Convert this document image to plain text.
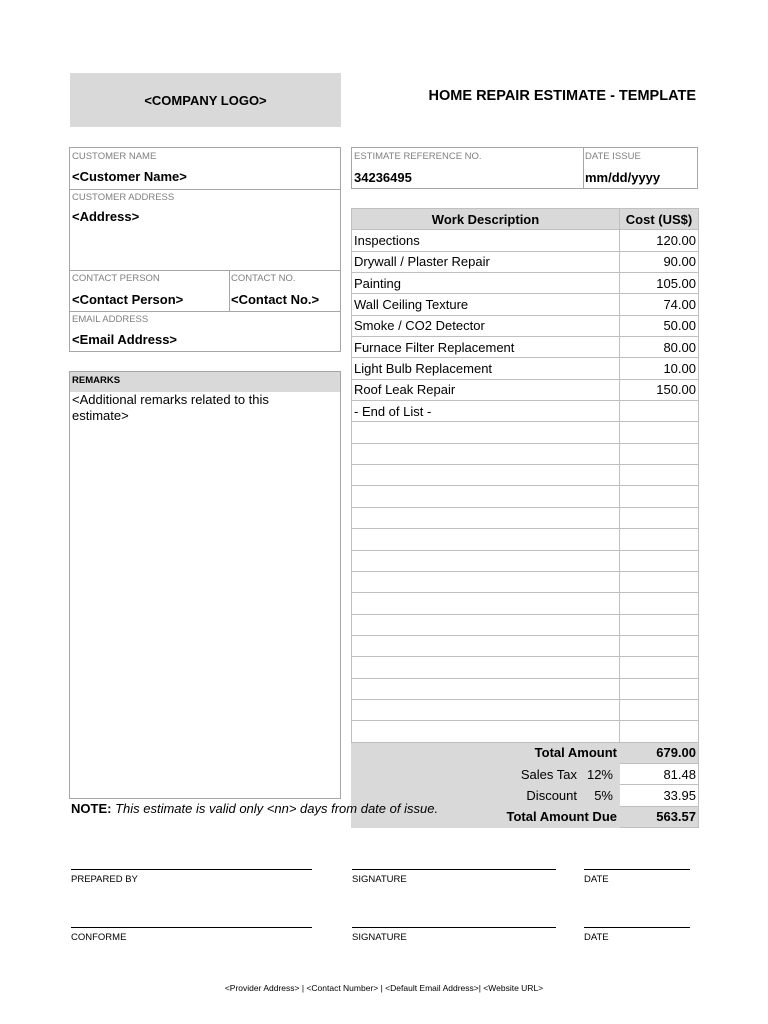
<COMPANY LOGO>	HOME REPAIR ESTIMATE - TEMPLATE
CUSTOMER NAME
<Customer Name>
CUSTOMER ADDRESS
<Address>
CONTACT PERSON
<Contact Person>
CONTACT NO.
<Contact No.>
EMAIL ADDRESS
<Email Address>
REMARKS
<Additional remarks related to this estimate>
ESTIMATE REFERENCE NO.
34236495
DATE ISSUE
mm/dd/yyyy
Work Description	Cost (US$)
Inspections	120.00
Drywall / Plaster Repair	90.00
Painting	105.00
Wall Ceiling Texture	74.00
Smoke / CO2 Detector	50.00
Furnace Filter Replacement	80.00
Light Bulb Replacement	10.00
Roof Leak Repair	150.00
- End of List -	

Total Amount	679.00
Sales Tax 12%	81.48
Discount 5%	33.95
Total Amount Due	563.57
NOTE: This estimate is valid only <nn> days from date of issue.
PREPARED BY	SIGNATURE	DATE
CONFORME	SIGNATURE	DATE
<Provider Address> | <Contact Number> | <Default Email Address>| <Website URL>
